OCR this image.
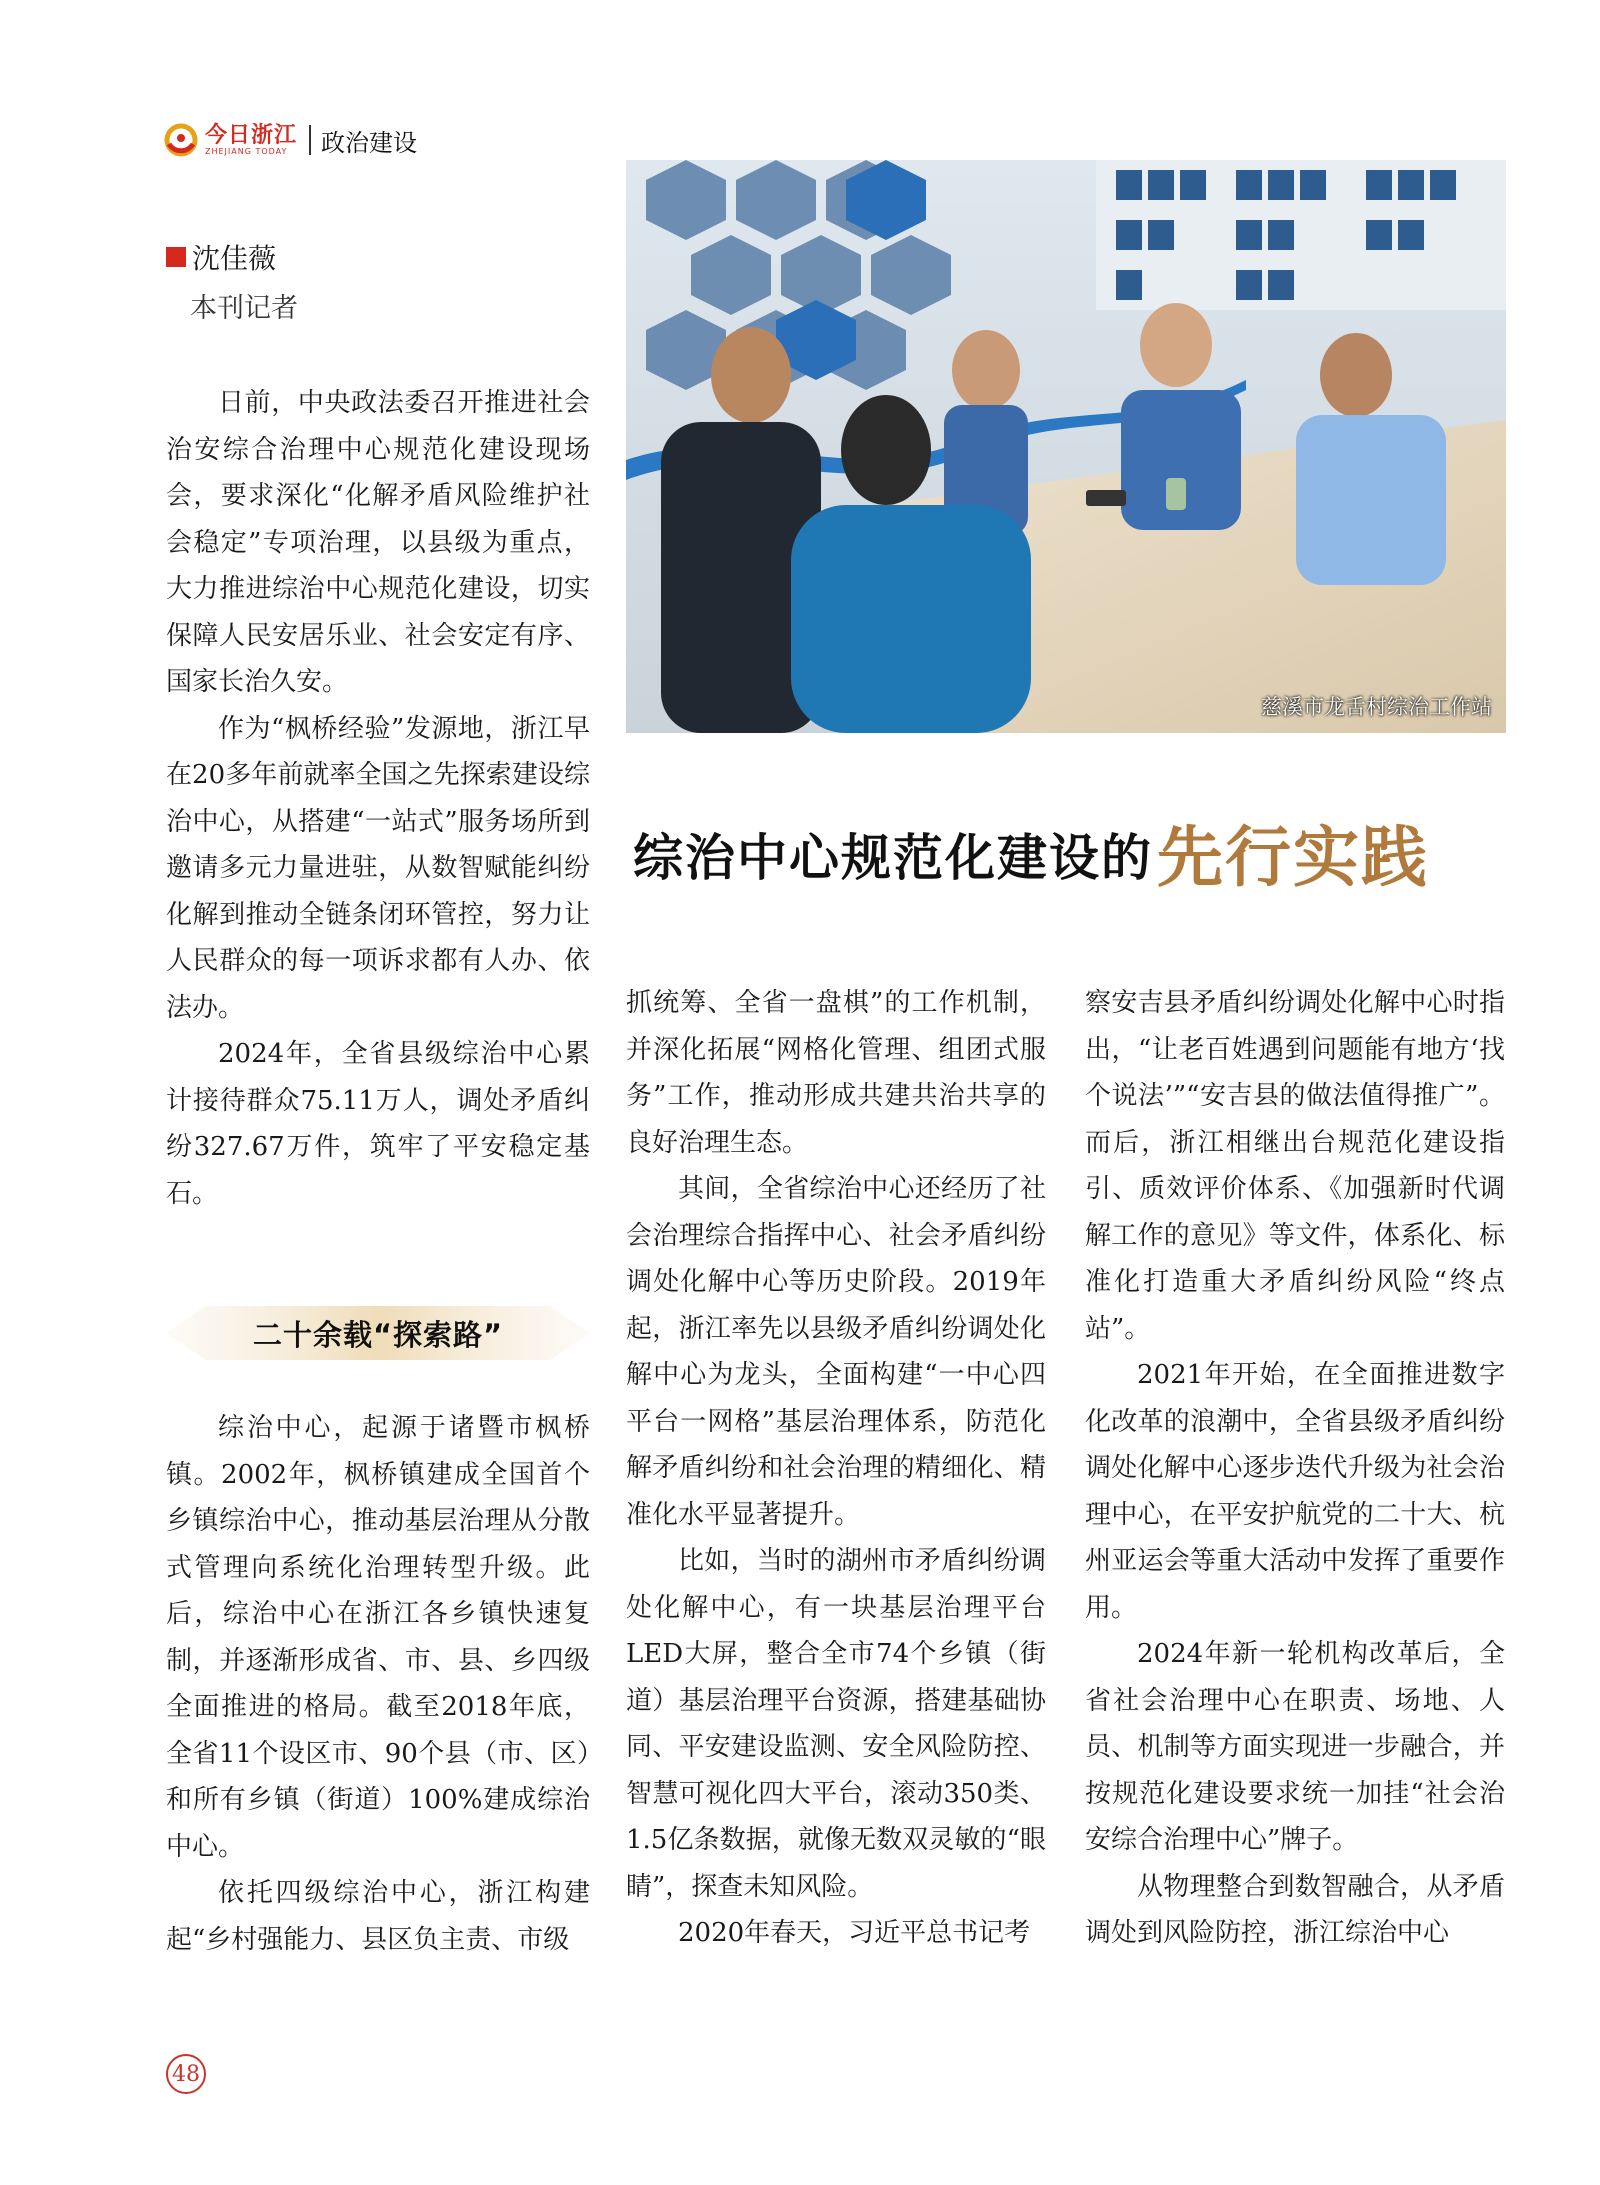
今日浙江
ZHEJIANG TODAY	政治建设
沈佳薇
本刊记者

日前，中央政法委召开推进社会治安综合治理中心规范化建设现场会，要求深化“化解矛盾风险维护社会稳定”专项治理，以县级为重点，大力推进综治中心规范化建设，切实保障人民安居乐业、社会安定有序、国家长治久安。

作为“枫桥经验”发源地，浙江早在20多年前就率全国之先探索建设综治中心，从搭建“一站式”服务场所到邀请多元力量进驻，从数智赋能纠纷化解到推动全链条闭环管控，努力让人民群众的每一项诉求都有人办、依法办。

2024年，全省县级综治中心累计接待群众75.11万人，调处矛盾纠纷327.67万件，筑牢了平安稳定基石。

二十余载“探索路”

综治中心，起源于诸暨市枫桥镇。2002年，枫桥镇建成全国首个乡镇综治中心，推动基层治理从分散式管理向系统化治理转型升级。此后，综治中心在浙江各乡镇快速复制，并逐渐形成省、市、县、乡四级全面推进的格局。截至2018年底，全省11个设区市、90个县（市、区）和所有乡镇（街道）100%建成综治中心。

依托四级综治中心，浙江构建起“乡村强能力、县区负主责、市级

慈溪市龙舌村综治工作站
综治中心规范化建设的 先行实践

抓统筹、全省一盘棋”的工作机制，并深化拓展“网格化管理、组团式服务”工作，推动形成共建共治共享的良好治理生态。

其间，全省综治中心还经历了社会治理综合指挥中心、社会矛盾纠纷调处化解中心等历史阶段。2019年起，浙江率先以县级矛盾纠纷调处化解中心为龙头，全面构建“一中心四平台一网格”基层治理体系，防范化解矛盾纠纷和社会治理的精细化、精准化水平显著提升。

比如，当时的湖州市矛盾纠纷调处化解中心，有一块基层治理平台LED大屏，整合全市74个乡镇（街道）基层治理平台资源，搭建基础协同、平安建设监测、安全风险防控、智慧可视化四大平台，滚动350类、1.5亿条数据，就像无数双灵敏的“眼睛”，探查未知风险。

2020年春天，习近平总书记考

察安吉县矛盾纠纷调处化解中心时指出，“让老百姓遇到问题能有地方‘找个说法’”“安吉县的做法值得推广”。而后，浙江相继出台规范化建设指引、质效评价体系、《加强新时代调解工作的意见》等文件，体系化、标准化打造重大矛盾纠纷风险“终点站”。

2021年开始，在全面推进数字化改革的浪潮中，全省县级矛盾纠纷调处化解中心逐步迭代升级为社会治理中心，在平安护航党的二十大、杭州亚运会等重大活动中发挥了重要作用。

2024年新一轮机构改革后，全省社会治理中心在职责、场地、人员、机制等方面实现进一步融合，并按规范化建设要求统一加挂“社会治安综合治理中心”牌子。

从物理整合到数智融合，从矛盾调处到风险防控，浙江综治中心

48
